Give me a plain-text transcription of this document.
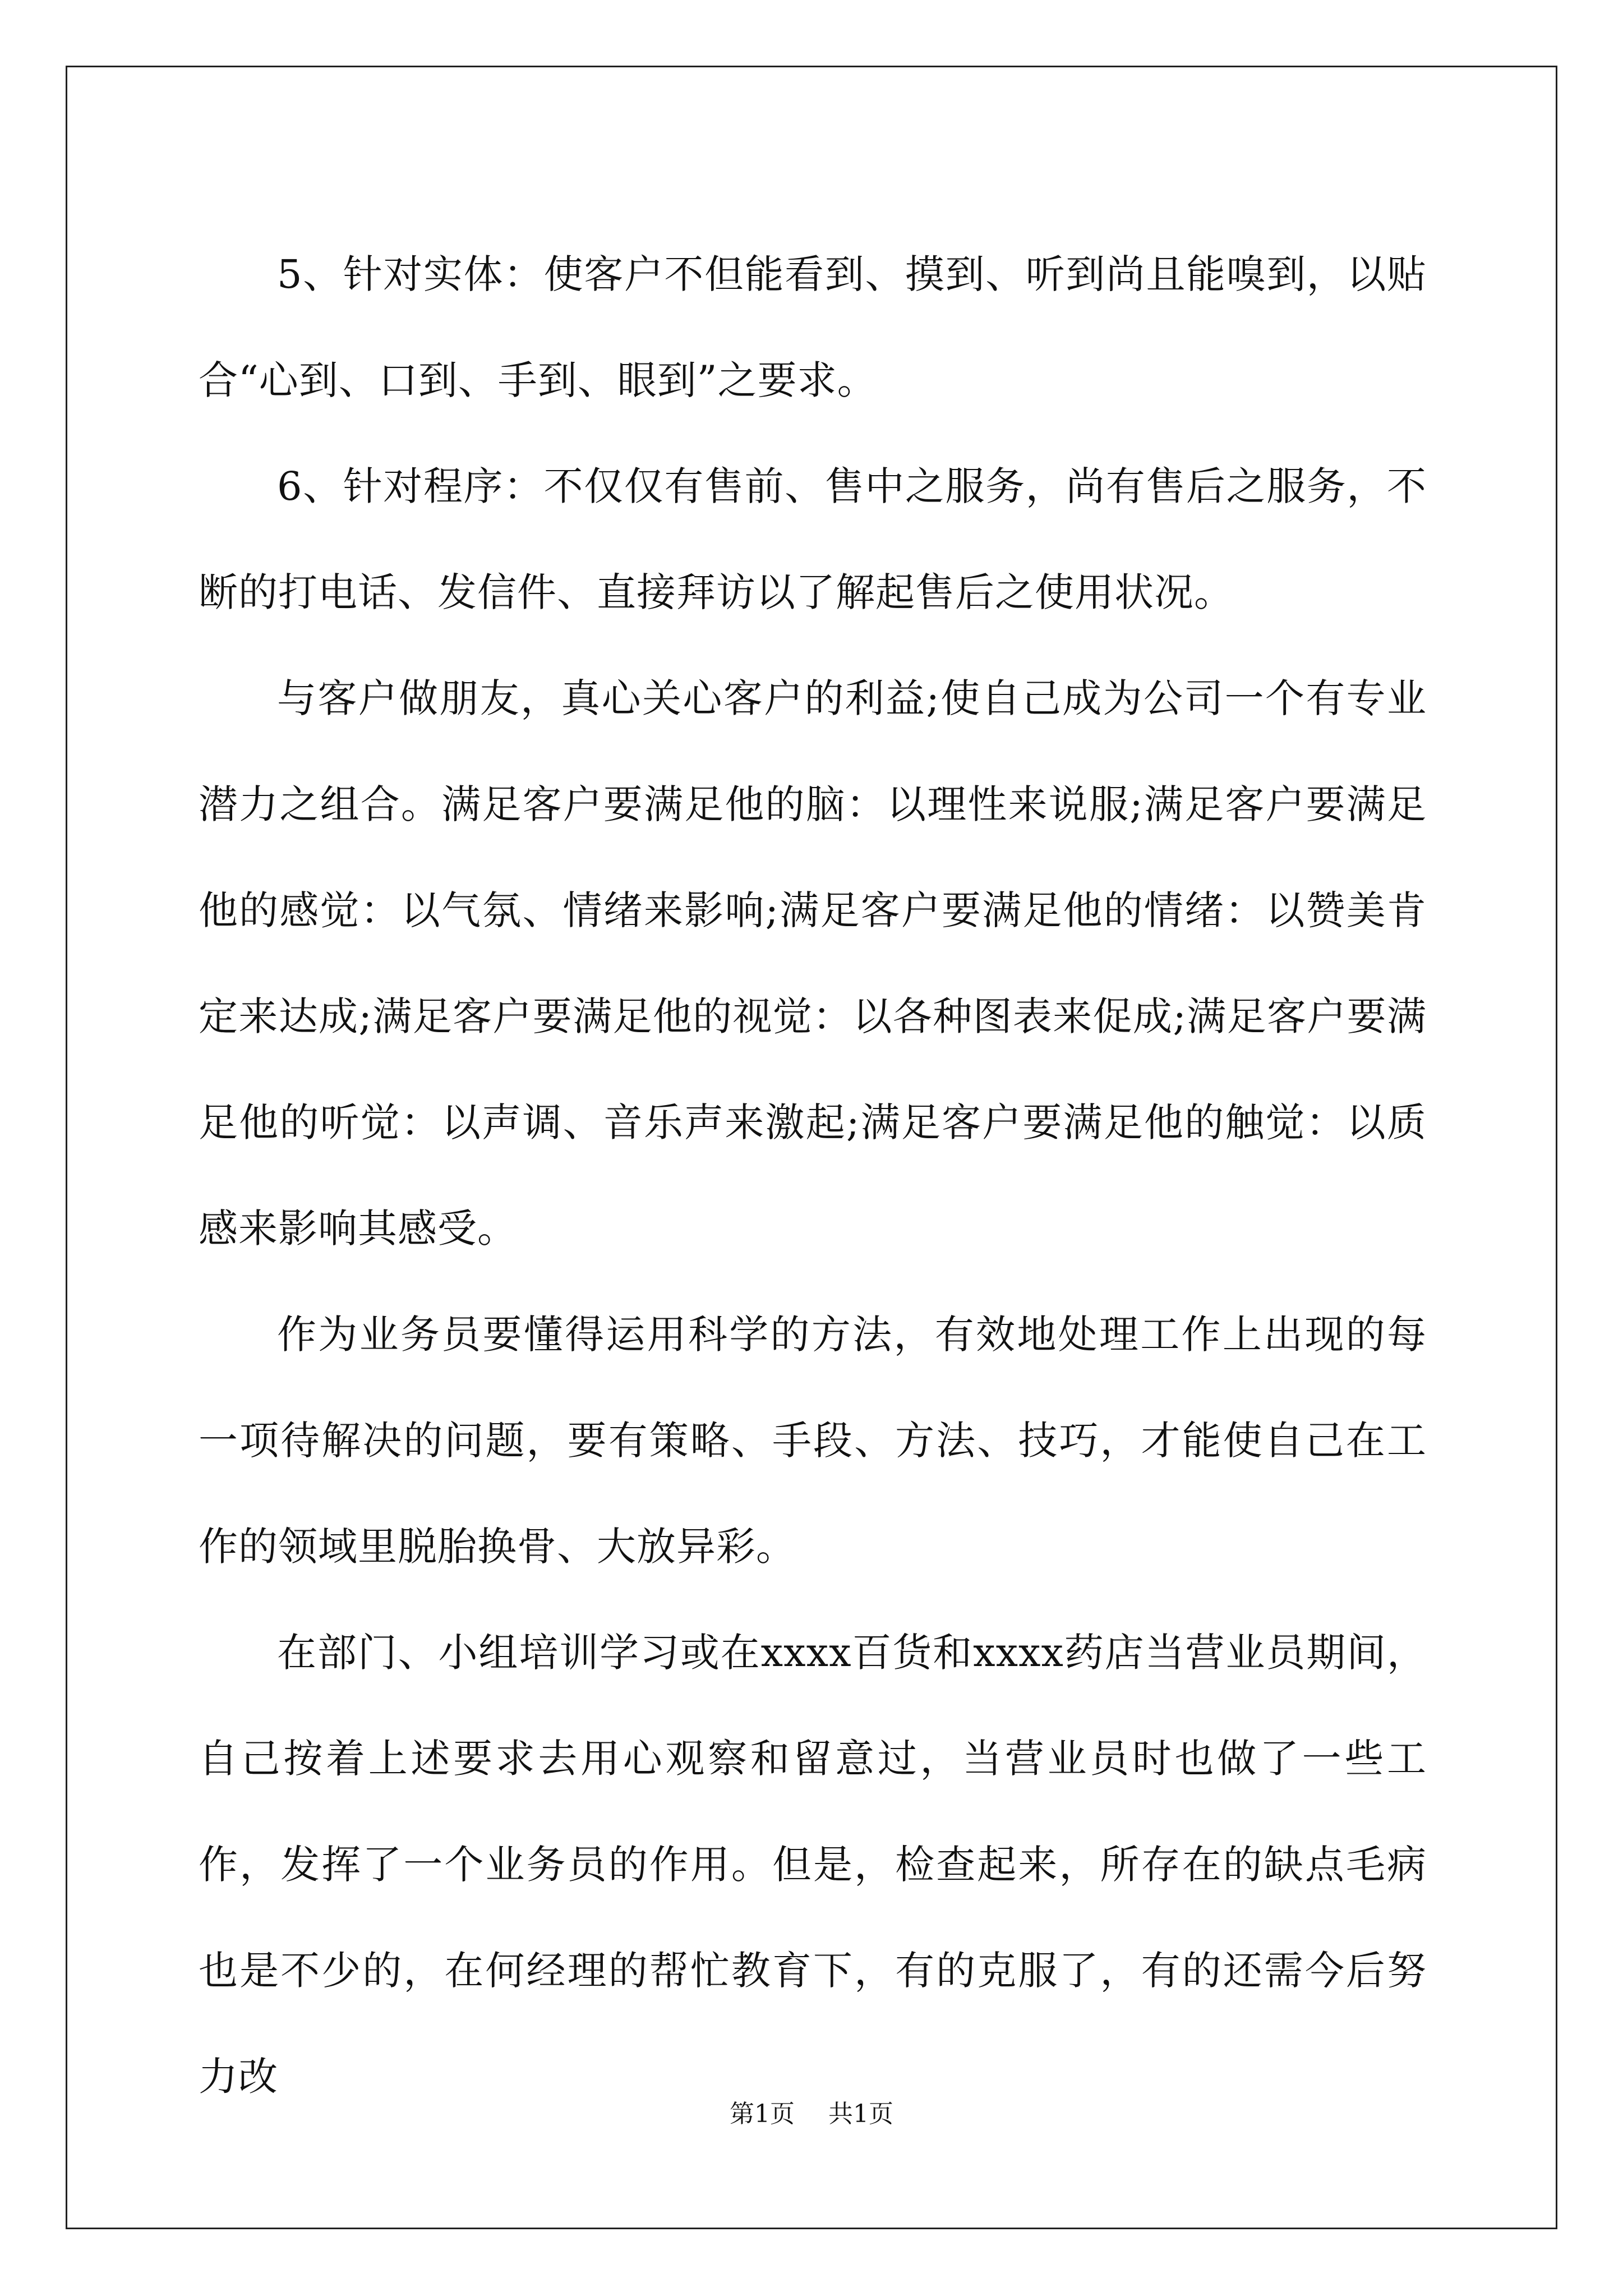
5、针对实体：使客户不但能看到、摸到、听到尚且能嗅到，以贴合“心到、口到、手到、眼到”之要求。

6、针对程序：不仅仅有售前、售中之服务，尚有售后之服务，不断的打电话、发信件、直接拜访以了解起售后之使用状况。

与客户做朋友，真心关心客户的利益;使自己成为公司一个有专业潜力之组合。满足客户要满足他的脑：以理性来说服;满足客户要满足他的感觉：以气氛、情绪来影响;满足客户要满足他的情绪：以赞美肯定来达成;满足客户要满足他的视觉：以各种图表来促成;满足客户要满足他的听觉：以声调、音乐声来激起;满足客户要满足他的触觉：以质感来影响其感受。

作为业务员要懂得运用科学的方法，有效地处理工作上出现的每一项待解决的问题，要有策略、手段、方法、技巧，才能使自己在工作的领域里脱胎换骨、大放异彩。

在部门、小组培训学习或在xxxx百货和xxxx药店当营业员期间，自己按着上述要求去用心观察和留意过，当营业员时也做了一些工作，发挥了一个业务员的作用。但是，检查起来，所存在的缺点毛病也是不少的，在何经理的帮忙教育下，有的克服了，有的还需今后努力改

第1页 共1页
